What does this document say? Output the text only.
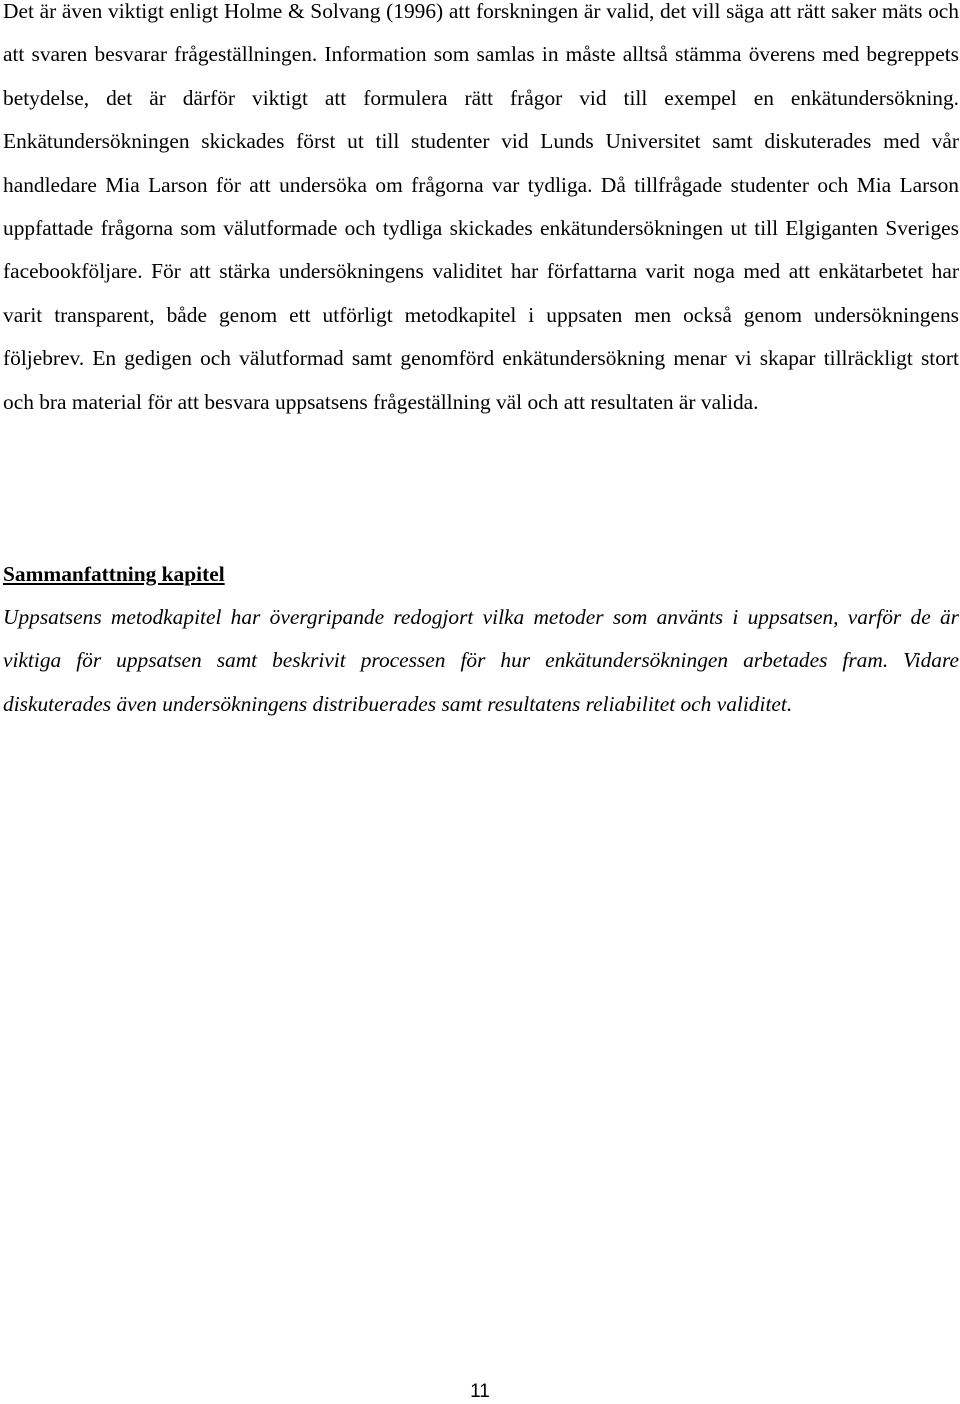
Det är även viktigt enligt Holme & Solvang (1996) att forskningen är valid, det vill säga att rätt saker mäts och att svaren besvarar frågeställningen. Information som samlas in måste alltså stämma överens med begreppets betydelse, det är därför viktigt att formulera rätt frågor vid till exempel en enkätundersökning. Enkätundersökningen skickades först ut till studenter vid Lunds Universitet samt diskuterades med vår handledare Mia Larson för att undersöka om frågorna var tydliga. Då tillfrågade studenter och Mia Larson uppfattade frågorna som välutformade och tydliga skickades enkätundersökningen ut till Elgiganten Sveriges facebookföljare. För att stärka undersökningens validitet har författarna varit noga med att enkätarbetet har varit transparent, både genom ett utförligt metodkapitel i uppsaten men också genom undersökningens följebrev. En gedigen och välutformad samt genomförd enkätundersökning menar vi skapar tillräckligt stort och bra material för att besvara uppsatsens frågeställning väl och att resultaten är valida.

Sammanfattning kapitel

Uppsatsens metodkapitel har övergripande redogjort vilka metoder som använts i uppsatsen, varför de är viktiga för uppsatsen samt beskrivit processen för hur enkätundersökningen arbetades fram. Vidare diskuterades även undersökningens distribuerades samt resultatens reliabilitet och validitet.

11
